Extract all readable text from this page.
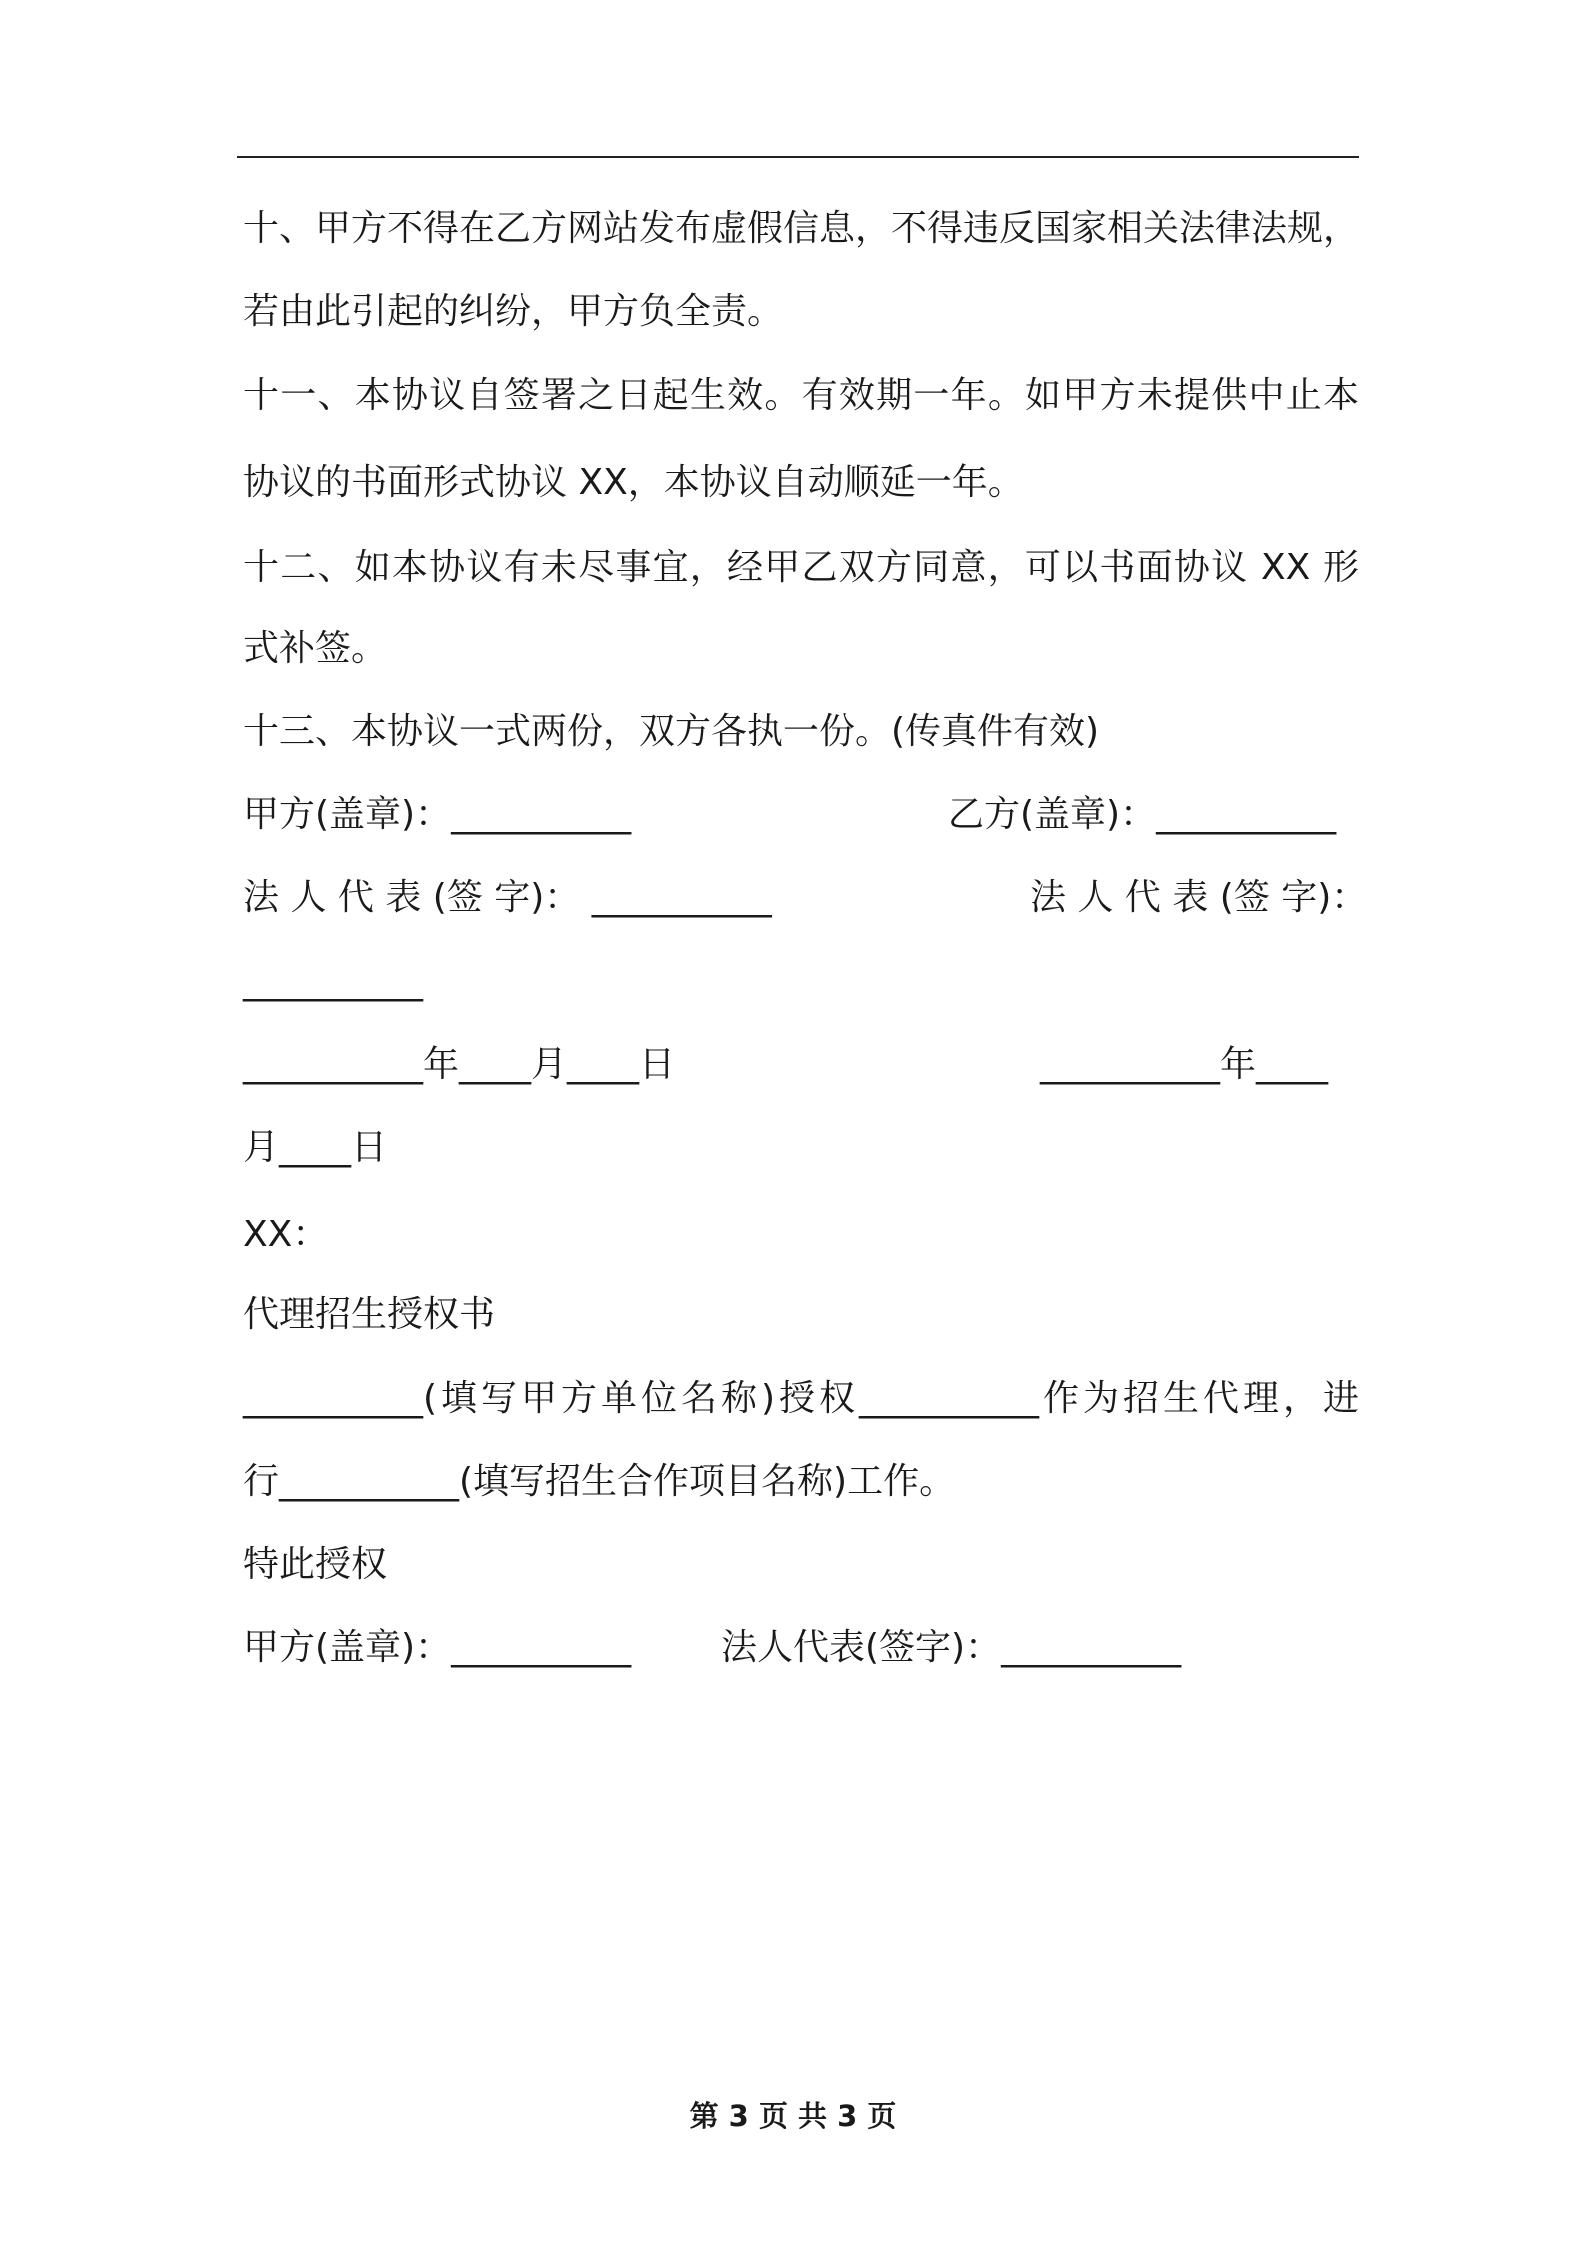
十、甲方不得在乙方网站发布虚假信息，不得违反国家相关法律法规，
若由此引起的纠纷，甲方负全责。
十一、本协议自签署之日起生效。有效期一年。如甲方未提供中止本
协议的书面形式协议 XX，本协议自动顺延一年。
十二、如本协议有未尽事宜，经甲乙双方同意，可以书面协议 XX 形
式补签。
十三、本协议一式两份，双方各执一份。(传真件有效)
甲方(盖章)：__________	乙方(盖章)：__________
法 人 代 表 (签 字)： __________	法 人 代 表 (签 字)：
__________
__________年____月____日	__________年____
月____日
XX：
代理招生授权书
__________(填写甲方单位名称)授权__________作为招生代理，进
行__________(填写招生合作项目名称)工作。
特此授权
甲方(盖章)：__________ 法人代表(签字)：__________
第 3 页 共 3 页
